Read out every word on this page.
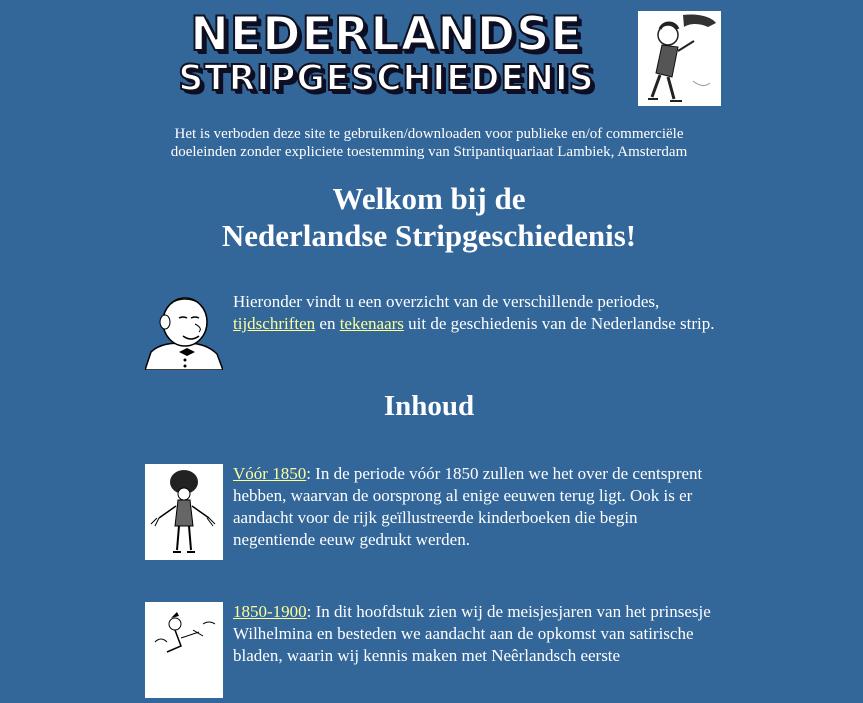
NEDERLANDSE
STRIPGESCHIEDENIS
Het is verboden deze site te gebruiken/downloaden voor publieke en/of commerciële doeleinden zonder expliciete toestemming van Stripantiquariaat Lambiek, Amsterdam
Welkom bij de
Nederlandse Stripgeschiedenis!
Hieronder vindt u een overzicht van de verschillende periodes, tijdschriften en tekenaars uit de geschiedenis van de Nederlandse strip.
Inhoud
Vóór 1850: In de periode vóór 1850 zullen we het over de centsprent hebben, waarvan de oorsprong al enige eeuwen terug ligt. Ook is er aandacht voor de rijk geïllustreerde kinderboeken die begin negentiende eeuw gedrukt werden.
1850-1900: In dit hoofdstuk zien wij de meisjesjaren van het prinsesje Wilhelmina en besteden we aandacht aan de opkomst van satirische bladen, waarin wij kennis maken met Neêrlandsch eerste
